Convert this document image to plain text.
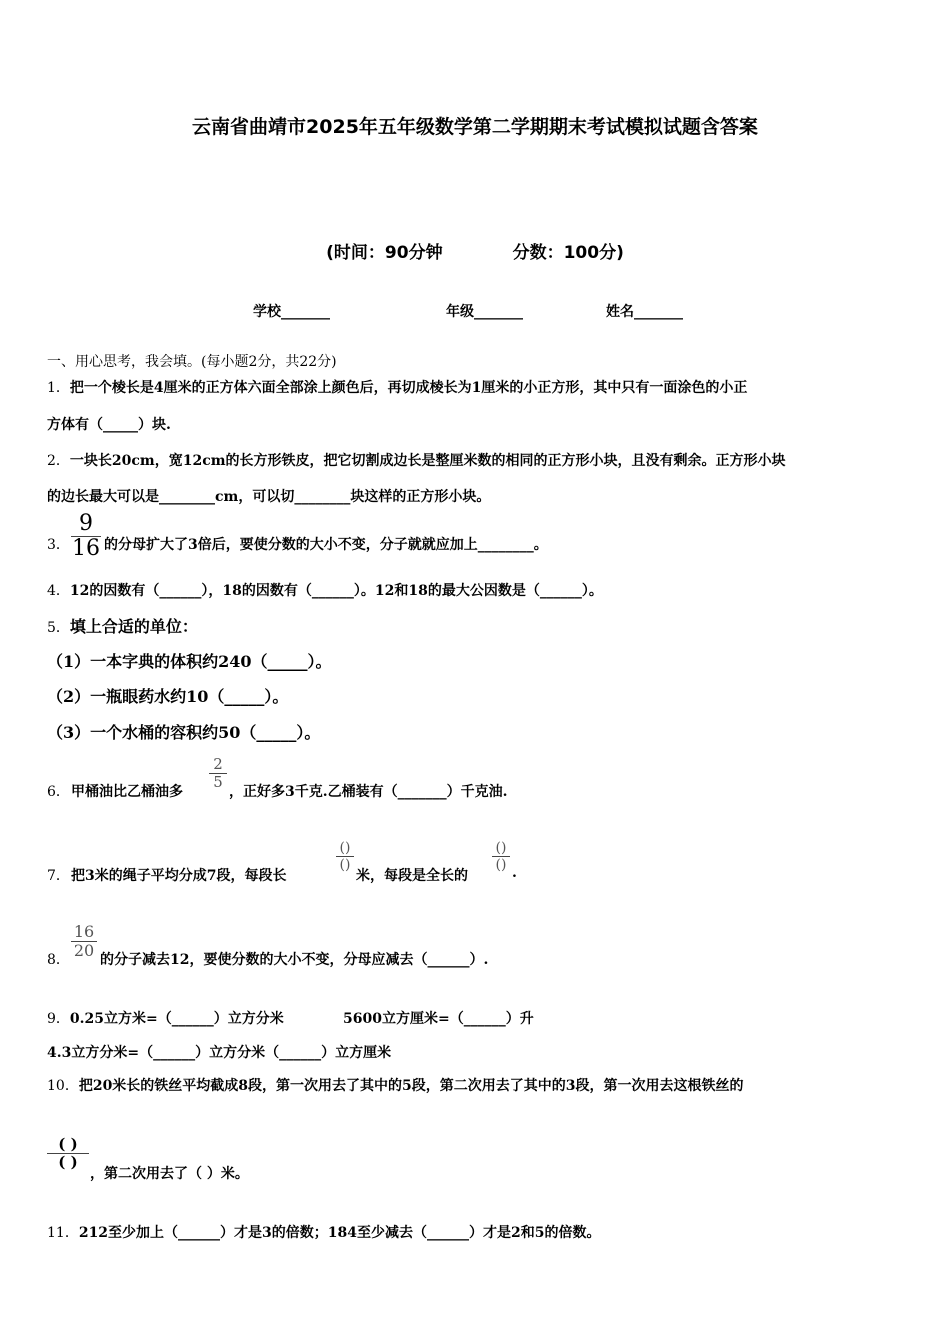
云南省曲靖市2025年五年级数学第二学期期末考试模拟试题含答案
(时间：90分钟	分数：100分)
学校_______	年级_______	姓名_______
一、用心思考，我会填。(每小题2分，共22分)
1．把一个棱长是4厘米的正方体六面全部涂上颜色后，再切成棱长为1厘米的小正方形，其中只有一面涂色的小正
方体有（_____）块.
2．一块长20cm，宽12cm的长方形铁皮，把它切割成边长是整厘米数的相同的正方形小块，且没有剩余。正方形小块
的边长最大可以是________cm，可以切________块这样的正方形小块。
3．
9
16 的分母扩大了3倍后，要使分数的大小不变，分子就就应加上________。
4．12的因数有（______），18的因数有（______）。12和18的最大公因数是（______）。
5．填上合适的单位：
（1）一本字典的体积约240（_____）。
（2）一瓶眼药水约10（_____）。
（3）一个水桶的容积约50（_____）。
6． 甲桶油比乙桶油多
2
5
，正好多3千克.乙桶装有（_______）千克油.
7． 把3米的绳子平均分成7段，每段长
()
()
米，每段是全长的
()
() .
8．
16
20 的分子减去12，要使分数的大小不变，分母应减去（______）.
9．0.25立方米=（______）立方分米	5600立方厘米=（______）升
4.3立方分米=（______）立方分米（______）立方厘米
10．把20米长的铁丝平均截成8段，第一次用去了其中的5段，第二次用去了其中的3段，第一次用去这根铁丝的
( )
( )
，第二次用去了（ ）米。
11．212至少加上（______）才是3的倍数；184至少减去（______）才是2和5的倍数。
